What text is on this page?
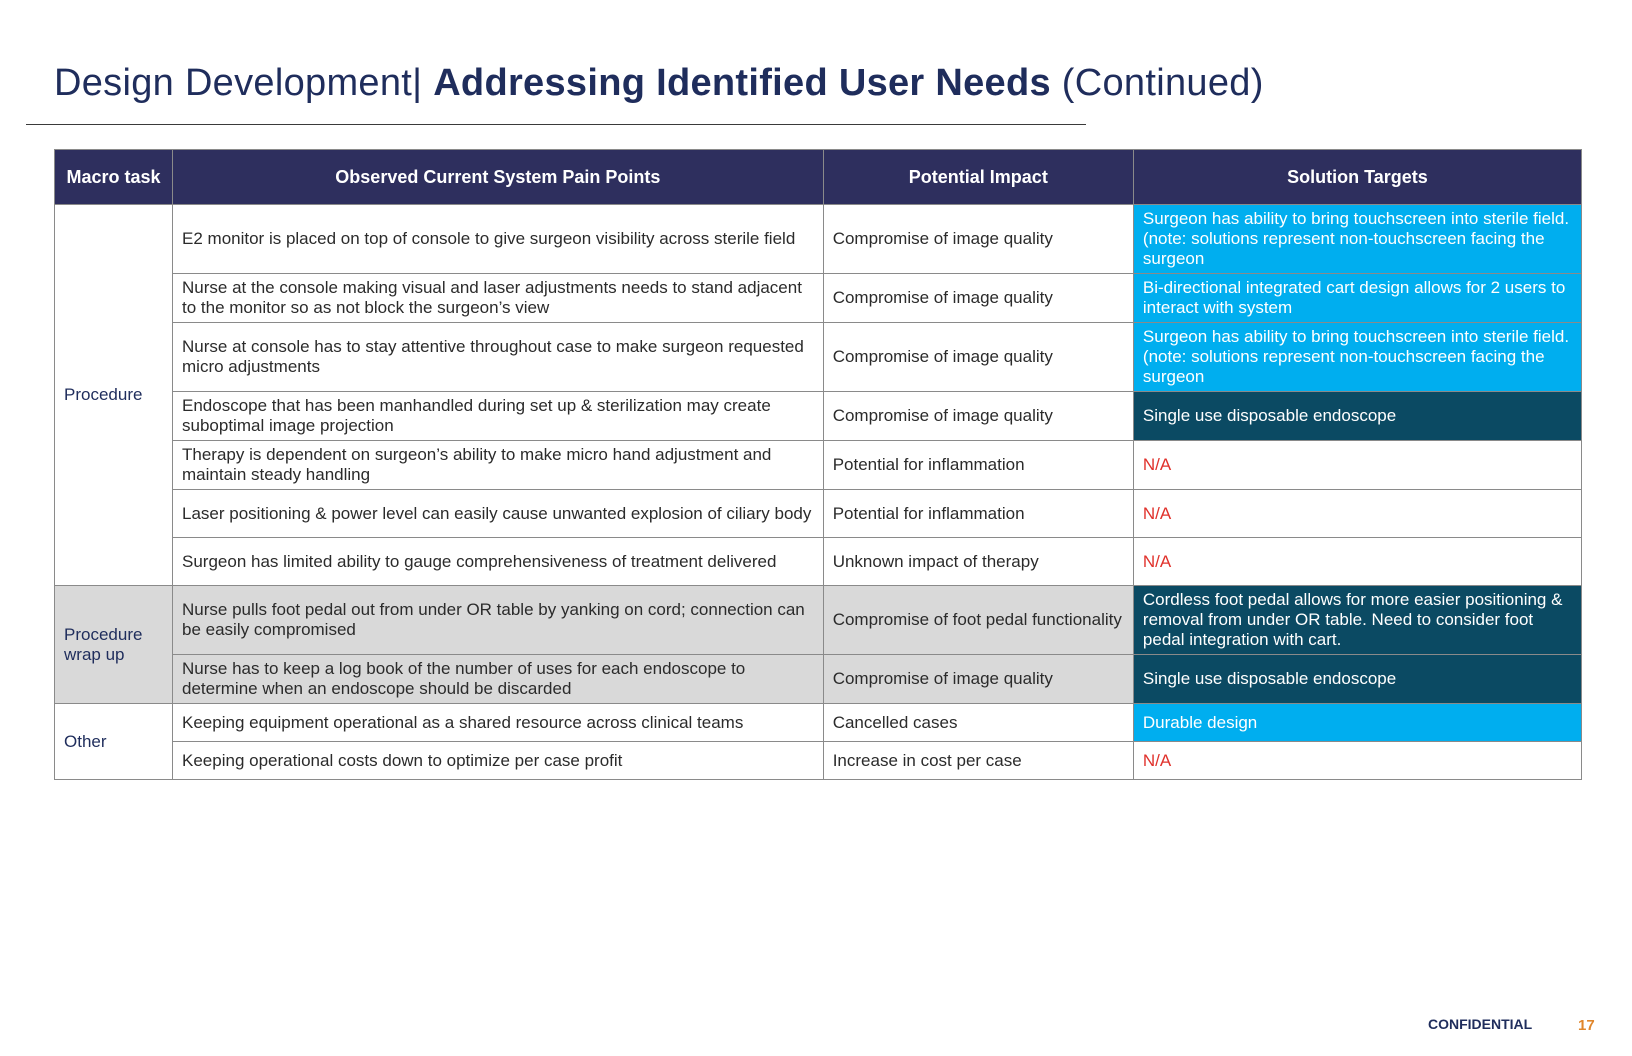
Design Development| Addressing Identified User Needs (Continued)
Macro task	Observed Current System Pain Points	Potential Impact	Solution Targets
Procedure	E2 monitor is placed on top of console to give surgeon visibility across sterile field	Compromise of image quality	Surgeon has ability to bring touchscreen into sterile field. (note: solutions represent non-touchscreen facing the surgeon
	Nurse at the console making visual and laser adjustments needs to stand adjacent to the monitor so as not block the surgeon’s view	Compromise of image quality	Bi-directional integrated cart design allows for 2 users to interact with system
	Nurse at console has to stay attentive throughout case to make surgeon requested micro adjustments	Compromise of image quality	Surgeon has ability to bring touchscreen into sterile field. (note: solutions represent non-touchscreen facing the surgeon
	Endoscope that has been manhandled during set up & sterilization may create suboptimal image projection	Compromise of image quality	Single use disposable endoscope
	Therapy is dependent on surgeon’s ability to make micro hand adjustment and maintain steady handling	Potential for inflammation	N/A
	Laser positioning & power level can easily cause unwanted explosion of ciliary body	Potential for inflammation	N/A
	Surgeon has limited ability to gauge comprehensiveness of treatment delivered	Unknown impact of therapy	N/A
Procedure wrap up	Nurse pulls foot pedal out from under OR table by yanking on cord; connection can be easily compromised	Compromise of foot pedal functionality	Cordless foot pedal allows for more easier positioning & removal from under OR table. Need to consider foot pedal integration with cart.
	Nurse has to keep a log book of the number of uses for each endoscope to determine when an endoscope should be discarded	Compromise of image quality	Single use disposable endoscope
Other	Keeping equipment operational as a shared resource across clinical teams	Cancelled cases	Durable design
	Keeping operational costs down to optimize per case profit	Increase in cost per case	N/A
CONFIDENTIAL	17
